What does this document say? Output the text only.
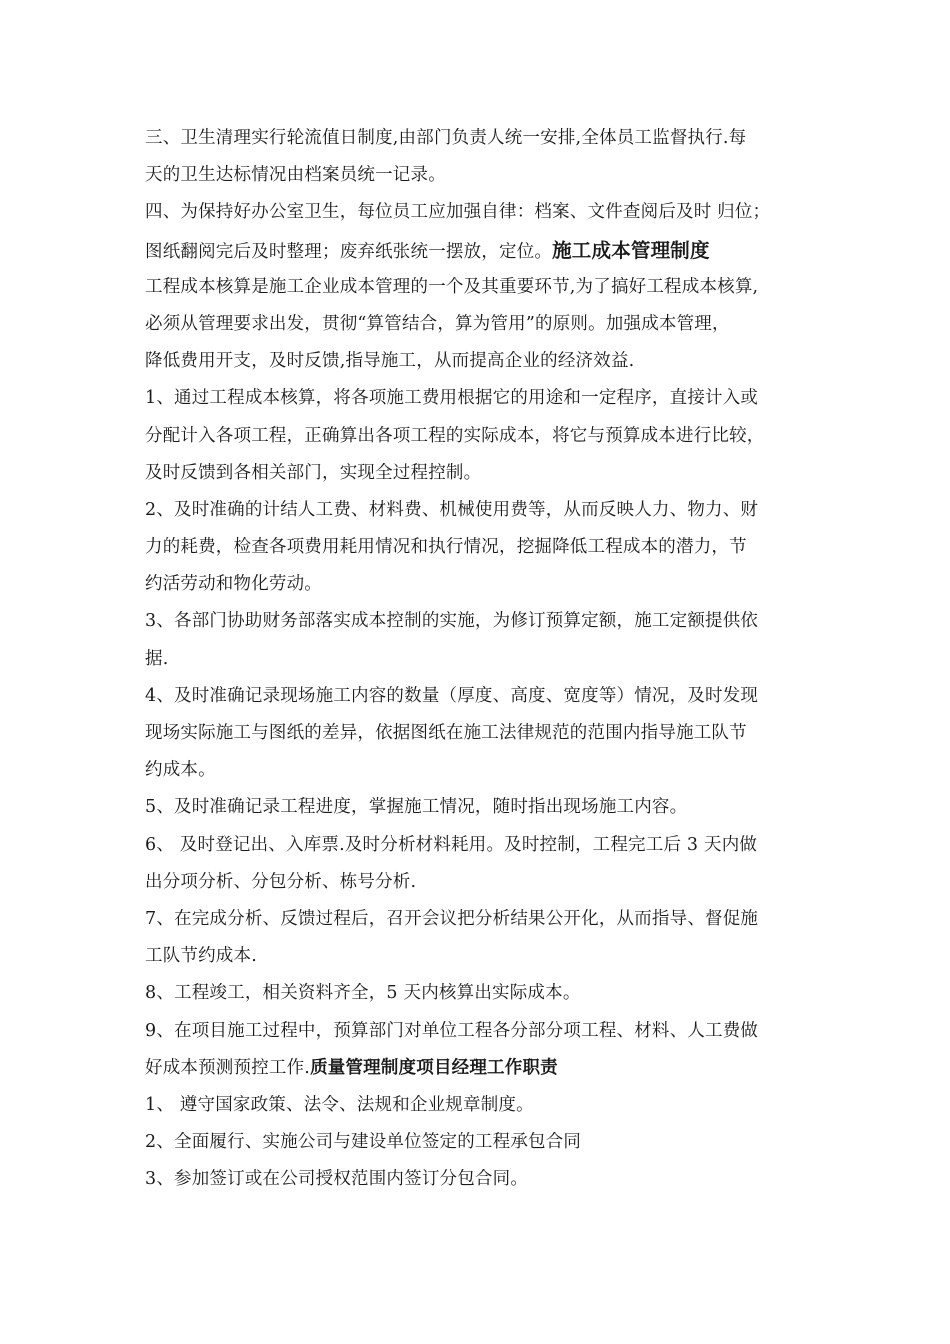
三、卫生清理实行轮流值日制度,由部门负责人统一安排,全体员工监督执行.每
天的卫生达标情况由档案员统一记录。
四、为保持好办公室卫生，每位员工应加强自律：档案、文件查阅后及时 归位；
图纸翻阅完后及时整理；废弃纸张统一摆放，定位。施工成本管理制度
工程成本核算是施工企业成本管理的一个及其重要环节,为了搞好工程成本核算,
必须从管理要求出发，贯彻“算管结合，算为管用”的原则。加强成本管理，
降低费用开支，及时反馈,指导施工，从而提高企业的经济效益.
1、通过工程成本核算，将各项施工费用根据它的用途和一定程序，直接计入或
分配计入各项工程，正确算出各项工程的实际成本，将它与预算成本进行比较，
及时反馈到各相关部门，实现全过程控制。
2、及时准确的计结人工费、材料费、机械使用费等，从而反映人力、物力、财
力的耗费，检查各项费用耗用情况和执行情况，挖掘降低工程成本的潜力，节
约活劳动和物化劳动。
3、各部门协助财务部落实成本控制的实施，为修订预算定额，施工定额提供依
据.
4、及时准确记录现场施工内容的数量（厚度、高度、宽度等）情况，及时发现
现场实际施工与图纸的差异，依据图纸在施工法律规范的范围内指导施工队节
约成本。
5、及时准确记录工程进度，掌握施工情况，随时指出现场施工内容。
6、 及时登记出、入库票.及时分析材料耗用。及时控制，工程完工后 3 天内做
出分项分析、分包分析、栋号分析.
7、在完成分析、反馈过程后，召开会议把分析结果公开化，从而指导、督促施
工队节约成本.
8、工程竣工，相关资料齐全，5 天内核算出实际成本。
9、在项目施工过程中，预算部门对单位工程各分部分项工程、材料、人工费做
好成本预测预控工作.质量管理制度项目经理工作职责
1、 遵守国家政策、法令、法规和企业规章制度。
2、全面履行、实施公司与建设单位签定的工程承包合同
3、参加签订或在公司授权范围内签订分包合同。
